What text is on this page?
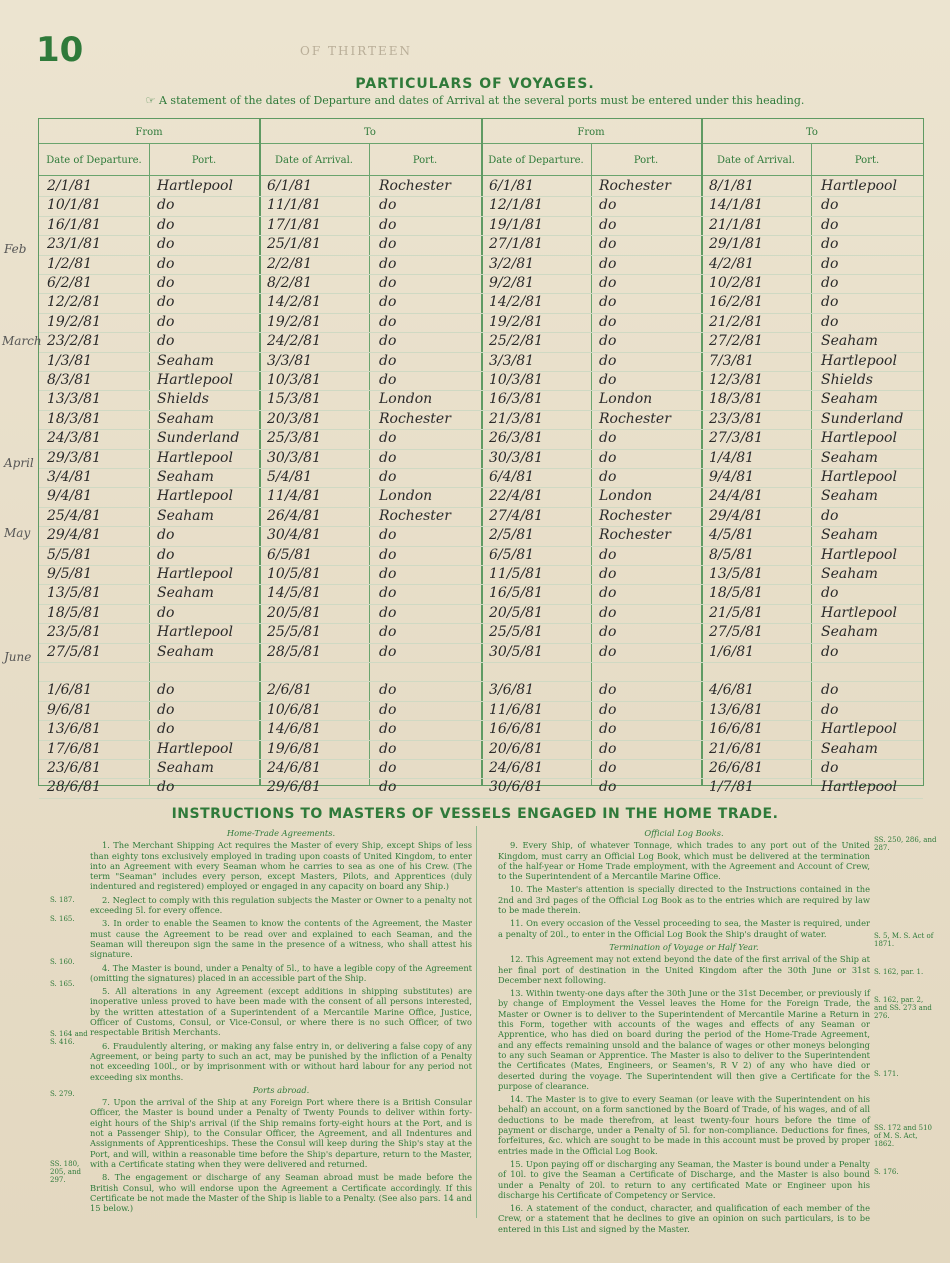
10	OF THIRTEEN
PARTICULARS OF VOYAGES.
☞ A statement of the dates of Departure and dates of Arrival at the several ports must be entered under this heading.
From	To	From	To
Date of Departure.	Port.	Date of Arrival.	Port.	Date of Departure.	Port.	Date of Arrival.	Port.
2/1/81	Hartlepool 6/1/81	Rochester	6/1/81	Rochester	8/1/81	Hartlepool
10/1/81	do	11/1/81	do	12/1/81	do	14/1/81	do
16/1/81	do	17/1/81	do	19/1/81	do	21/1/81	do
23/1/81	do	25/1/81	do	27/1/81	do	29/1/81	do
1/2/81	do	2/2/81	do	3/2/81	do	4/2/81	do
6/2/81	do	8/2/81	do	9/2/81	do	10/2/81	do
12/2/81	do	14/2/81	do	14/2/81	do	16/2/81	do
19/2/81	do	19/2/81	do	19/2/81	do	21/2/81	do
23/2/81	do	24/2/81	do	25/2/81	do	27/2/81	Seaham
1/3/81	Seaham	3/3/81	do	3/3/81	do	7/3/81	Hartlepool
8/3/81	Hartlepool 10/3/81	do	10/3/81	do	12/3/81	Shields
13/3/81	Shields	15/3/81	London	16/3/81	London	18/3/81	Seaham
18/3/81	Seaham	20/3/81	Rochester	21/3/81	Rochester	23/3/81	Sunderland
24/3/81	Sunderland 25/3/81	do	26/3/81	do	27/3/81	Hartlepool
29/3/81	Hartlepool 30/3/81	do	30/3/81	do	1/4/81	Seaham
3/4/81	Seaham	5/4/81	do	6/4/81	do	9/4/81	Hartlepool
9/4/81	Hartlepool 11/4/81	London	22/4/81	London	24/4/81	Seaham
25/4/81	Seaham	26/4/81	Rochester	27/4/81	Rochester	29/4/81	do
29/4/81	do	30/4/81	do	2/5/81	Rochester	4/5/81	Seaham
5/5/81	do	6/5/81	do	6/5/81	do	8/5/81	Hartlepool
9/5/81	Hartlepool 10/5/81	do	11/5/81	do	13/5/81	Seaham
13/5/81	Seaham	14/5/81	do	16/5/81	do	18/5/81	do
18/5/81	do	20/5/81	do	20/5/81	do	21/5/81	Hartlepool
23/5/81	Hartlepool 25/5/81	do	25/5/81	do	27/5/81	Seaham
27/5/81	Seaham	28/5/81	do	30/5/81	do	1/6/81	do
1/6/81	do	2/6/81	do	3/6/81	do	4/6/81	do
9/6/81	do	10/6/81	do	11/6/81	do	13/6/81	do
13/6/81	do	14/6/81	do	16/6/81	do	16/6/81	Hartlepool
17/6/81	Hartlepool 19/6/81	do	20/6/81	do	21/6/81	Seaham
23/6/81	Seaham	24/6/81	do	24/6/81	do	26/6/81	do
28/6/81	do	29/6/81	do	30/6/81	do	1/7/81	Hartlepool
Feb
March
April
May
June
INSTRUCTIONS TO MASTERS OF VESSELS ENGAGED IN THE HOME TRADE.
Home-Trade Agreements.

1. The Merchant Shipping Act requires the Master of every Ship, except Ships of less than eighty tons exclusively employed in trading upon coasts of United Kingdom, to enter into an Agreement with every Seaman whom he carries to sea as one of his Crew. (The term "Seaman" includes every person, except Masters, Pilots, and Apprentices (duly indentured and registered) employed or engaged in any capacity on board any Ship.)

2. Neglect to comply with this regulation subjects the Master or Owner to a penalty not exceeding 5l. for every offence.

3. In order to enable the Seamen to know the contents of the Agreement, the Master must cause the Agreement to be read over and explained to each Seaman, and the Seaman will thereupon sign the same in the presence of a witness, who shall attest his signature.

4. The Master is bound, under a Penalty of 5l., to have a legible copy of the Agreement (omitting the signatures) placed in an accessible part of the Ship.

5. All alterations in any Agreement (except additions in shipping substitutes) are inoperative unless proved to have been made with the consent of all persons interested, by the written attestation of a Superintendent of a Mercantile Marine Office, Justice, Officer of Customs, Consul, or Vice-Consul, or where there is no such Officer, of two respectable British Merchants.

6. Fraudulently altering, or making any false entry in, or delivering a false copy of any Agreement, or being party to such an act, may be punished by the infliction of a Penalty not exceeding 100l., or by imprisonment with or without hard labour for any period not exceeding six months.

Ports abroad.

7. Upon the arrival of the Ship at any Foreign Port where there is a British Consular Officer, the Master is bound under a Penalty of Twenty Pounds to deliver within forty-eight hours of the Ship's arrival (if the Ship remains forty-eight hours at the Port, and is not a Passenger Ship), to the Consular Officer, the Agreement, and all Indentures and Assignments of Apprenticeships. These the Consul will keep during the Ship's stay at the Port, and will, within a reasonable time before the Ship's departure, return to the Master, with a Certificate stating when they were delivered and returned.

8. The engagement or discharge of any Seaman abroad must be made before the British Consul, who will endorse upon the Agreement a Certificate accordingly. If this Certificate be not made the Master of the Ship is liable to a Penalty. (See also pars. 14 and 15 below.)

Official Log Books.

9. Every Ship, of whatever Tonnage, which trades to any port out of the United Kingdom, must carry an Official Log Book, which must be delivered at the termination of the half-year or Home Trade employment, with the Agreement and Account of Crew, to the Superintendent of a Mercantile Marine Office.

10. The Master's attention is specially directed to the Instructions contained in the 2nd and 3rd pages of the Official Log Book as to the entries which are required by law to be made therein.

11. On every occasion of the Vessel proceeding to sea, the Master is required, under a penalty of 20l., to enter in the Official Log Book the Ship's draught of water.

Termination of Voyage or Half Year.

12. This Agreement may not extend beyond the date of the first arrival of the Ship at her final port of destination in the United Kingdom after the 30th June or 31st December next following.

13. Within twenty-one days after the 30th June or the 31st December, or previously if by change of Employment the Vessel leaves the Home for the Foreign Trade, the Master or Owner is to deliver to the Superintendent of Mercantile Marine a Return in this Form, together with accounts of the wages and effects of any Seaman or Apprentice, who has died on board during the period of the Home-Trade Agreement, and any effects remaining unsold and the balance of wages or other moneys belonging to any such Seaman or Apprentice. The Master is also to deliver to the Superintendent the Certificates (Mates, Engineers, or Seamen's, R V 2) of any who have died or deserted during the voyage. The Superintendent will then give a Certificate for the purpose of clearance.

14. The Master is to give to every Seaman (or leave with the Superintendent on his behalf) an account, on a form sanctioned by the Board of Trade, of his wages, and of all deductions to be made therefrom, at least twenty-four hours before the time of payment or discharge, under a Penalty of 5l. for non-compliance. Deductions for fines, forfeitures, &c. which are sought to be made in this account must be proved by proper entries made in the Official Log Book.

15. Upon paying off or discharging any Seaman, the Master is bound under a Penalty of 10l. to give the Seaman a Certificate of Discharge, and the Master is also bound under a Penalty of 20l. to return to any certificated Mate or Engineer upon his discharge his Certificate of Competency or Service.

16. A statement of the conduct, character, and qualification of each member of the Crew, or a statement that he declines to give an opinion on such particulars, is to be entered in this List and signed by the Master.

S. 187.
S. 165.
S. 160.
S. 165.
S. 164 and S. 416.
S. 279.
SS. 180, 205, and 297.
SS. 250, 286, and 287.
S. 5, M. S. Act of 1871.
S. 162, par. 1.
S. 162, par. 2, and SS. 273 and 276.
S. 171.
SS. 172 and 510 of M. S. Act, 1862.
S. 176.
